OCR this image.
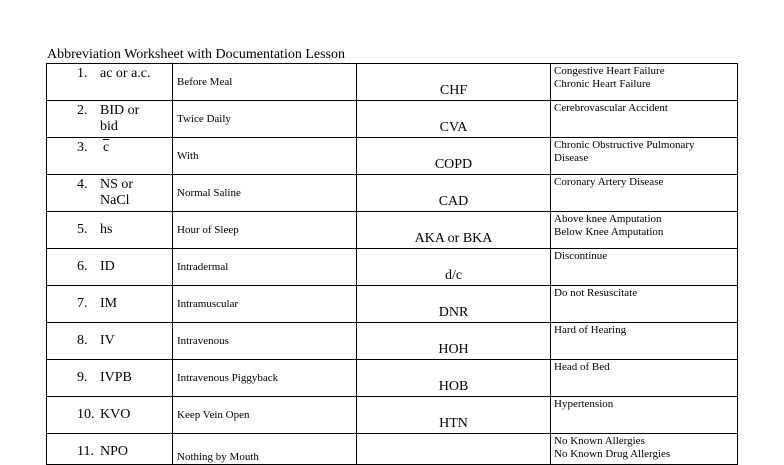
Abbreviation Worksheet with Documentation Lesson
1. ac or a.c.	Before Meal	CHF	Congestive Heart Failure
Chronic Heart Failure

2. BID or
bid	Twice Daily	CVA	Cerebrovascular Accident

3. $\overline{c}$	With	COPD	Chronic Obstructive Pulmonary
Disease

4. NS or
NaCl	Normal Saline	CAD	Coronary Artery Disease

5. hs	Hour of Sleep	AKA or BKA	Above knee Amputation
Below Knee Amputation

6. ID	Intradermal	d/c	Discontinue

7. IM	Intramuscular	DNR	Do not Resuscitate

8. IV	Intravenous	HOH	Hard of Hearing

9. IVPB	Intravenous Piggyback	HOB	Head of Bed

10. KVO	Keep Vein Open	HTN	Hypertension

11. NPO	Nothing by Mouth		No Known Allergies
No Known Drug Allergies
